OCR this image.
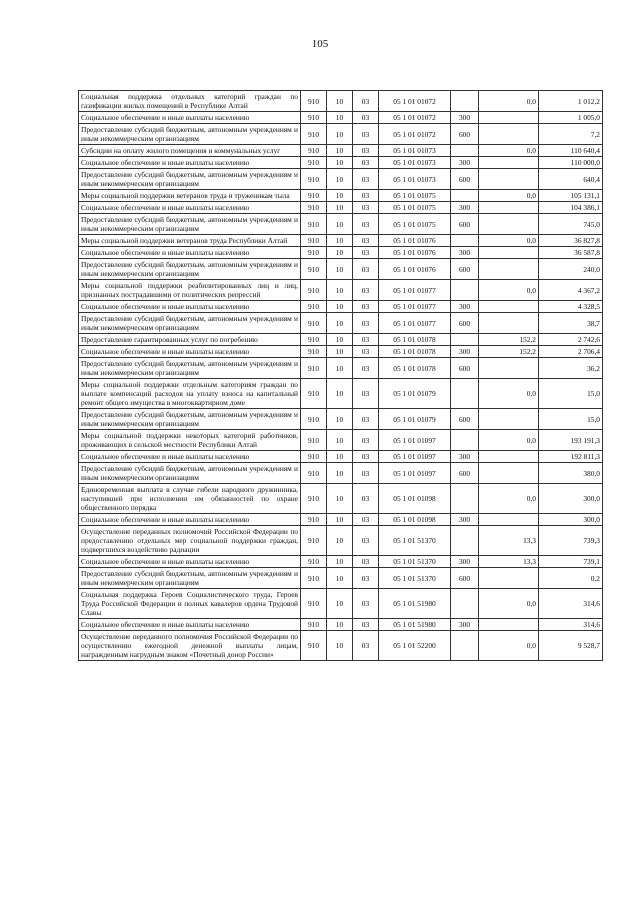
105
Социальная поддержка отдельных категорий граждан по газификации жилых помещений в Республике Алтай	910	10	03	05 1 01 01072		0,0	1 012,2
Социальное обеспечение и иные выплаты населению	910	10	03	05 1 01 01072	300		1 005,0
Предоставление субсидий бюджетным, автономным учреждениям и иным некоммерческим организациям	910	10	03	05 1 01 01072	600		7,2
Субсидии на оплату жилого помещения и коммунальных услуг	910	10	03	05 1 01 01073		0,0	110 640,4
Социальное обеспечение и иные выплаты населению	910	10	03	05 1 01 01073	300		110 000,0
Предоставление субсидий бюджетным, автономным учреждениям и иным некоммерческим организациям	910	10	03	05 1 01 01073	600		640,4
Меры социальной поддержки ветеранов труда и труженикам тыла	910	10	03	05 1 01 01075		0,0	105 131,1
Социальное обеспечение и иные выплаты населению	910	10	03	05 1 01 01075	300		104 386,1
Предоставление субсидий бюджетным, автономным учреждениям и иным некоммерческим организациям	910	10	03	05 1 01 01075	600		745,0
Меры социальной поддержки ветеранов труда Республики Алтай	910	10	03	05 1 01 01076		0,0	36 827,8
Социальное обеспечение и иные выплаты населению	910	10	03	05 1 01 01076	300		36 587,8
Предоставление субсидий бюджетным, автономным учреждениям и иным некоммерческим организациям	910	10	03	05 1 01 01076	600		240,0
Меры социальной поддержки реабилитированных лиц и лиц, признанных пострадавшими от политических репрессий	910	10	03	05 1 01 01077		0,0	4 367,2
Социальное обеспечение и иные выплаты населению	910	10	03	05 1 01 01077	300		4 328,5
Предоставление субсидий бюджетным, автономным учреждениям и иным некоммерческим организациям	910	10	03	05 1 01 01077	600		38,7
Предоставление гарантированных услуг по погребению	910	10	03	05 1 01 01078		152,2	2 742,6
Социальное обеспечение и иные выплаты населению	910	10	03	05 1 01 01078	300	152,2	2 706,4
Предоставление субсидий бюджетным, автономным учреждениям и иным некоммерческим организациям	910	10	03	05 1 01 01078	600		36,2
Меры социальной поддержки отдельным категориям граждан по выплате компенсаций расходов на уплату взноса на капитальный ремонт общего имущества в многоквартирном доме	910	10	03	05 1 01 01079		0,0	15,0
Предоставление субсидий бюджетным, автономным учреждениям и иным некоммерческим организациям	910	10	03	05 1 01 01079	600		15,0
Меры социальной поддержки некоторых категорий работников, проживающих в сельской местности Республики Алтай	910	10	03	05 1 01 01097		0,0	193 191,3
Социальное обеспечение и иные выплаты населению	910	10	03	05 1 01 01097	300		192 811,3
Предоставление субсидий бюджетным, автономным учреждениям и иным некоммерческим организациям	910	10	03	05 1 01 01097	600		380,0
Единовременная выплата в случае гибели народного дружинника, наступившей при исполнении им обязанностей по охране общественного порядка	910	10	03	05 1 01 01098		0,0	300,0
Социальное обеспечение и иные выплаты населению	910	10	03	05 1 01 01098	300		300,0
Осуществление переданных полномочий Российской Федерации по предоставлению отдельных мер социальной поддержки граждан, подвергшихся воздействию радиации	910	10	03	05 1 01 51370		13,3	739,3
Социальное обеспечение и иные выплаты населению	910	10	03	05 1 01 51370	300	13,3	739,1
Предоставление субсидий бюджетным, автономным учреждениям и иным некоммерческим организациям	910	10	03	05 1 01 51370	600		0,2
Социальная поддержка Героев Социалистического труда, Героев Труда Российской Федерации и полных кавалеров ордена Трудовой Славы	910	10	03	05 1 01 51980		0,0	314,6
Социальное обеспечение и иные выплаты населению	910	10	03	05 1 01 51980	300		314,6
Осуществление переданного полномочия Российской Федерации по осуществлению ежегодной денежной выплаты лицам, награжденным нагрудным знаком «Почетный донор России»	910	10	03	05 1 01 52200		0,0	9 528,7
